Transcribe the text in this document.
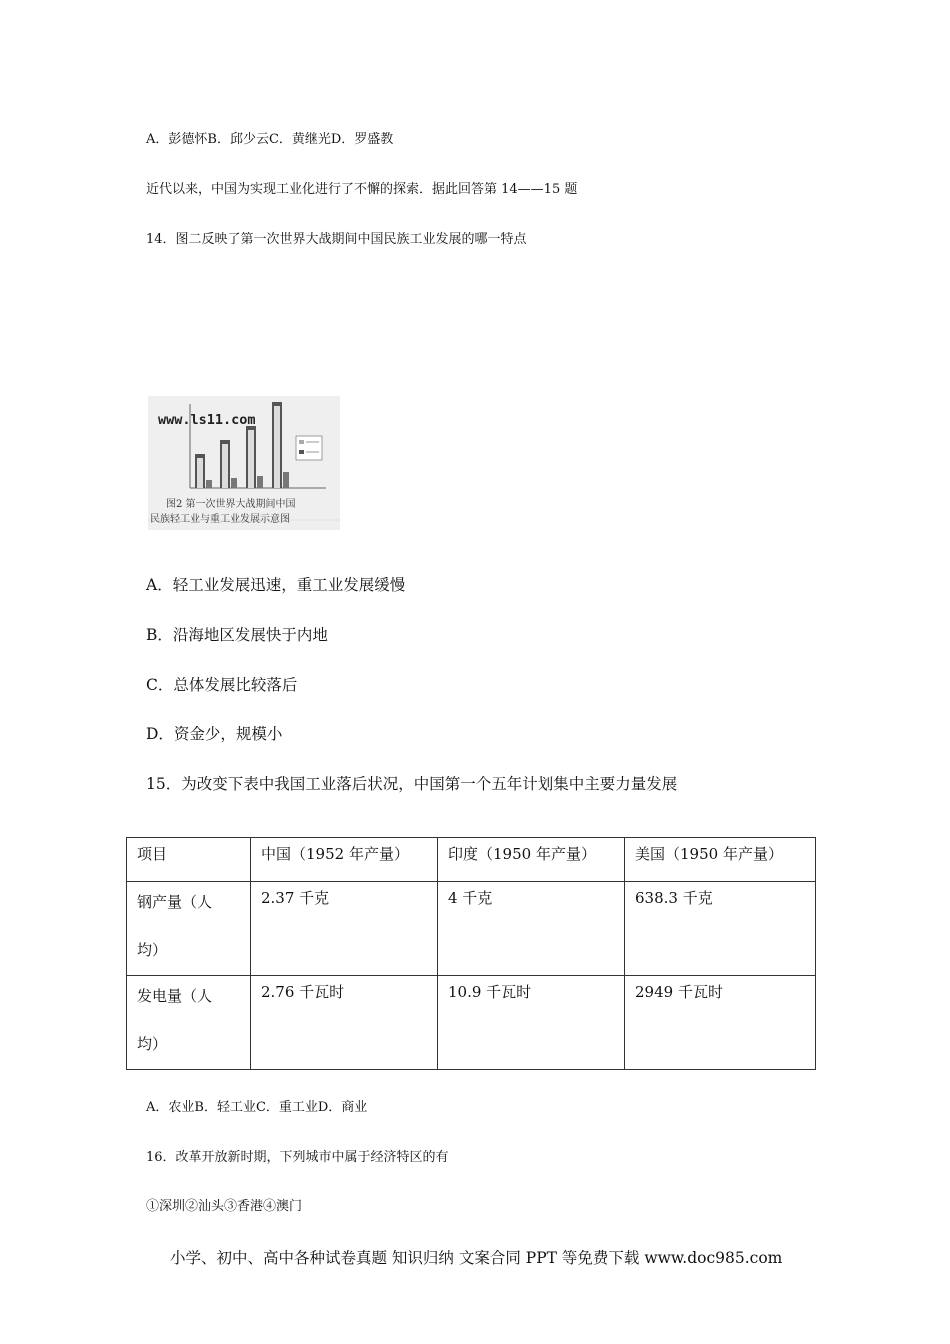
A．彭德怀B．邱少云C．黄继光D．罗盛教
近代以来，中国为实现工业化进行了不懈的探索．据此回答第 14——15 题
14．图二反映了第一次世界大战期间中国民族工业发展的哪一特点
www.ls11.com
图2 第一次世界大战期间中国
民族轻工业与重工业发展示意图
A．轻工业发展迅速，重工业发展缓慢
B．沿海地区发展快于内地
C．总体发展比较落后
D．资金少，规模小
15．为改变下表中我国工业落后状况，中国第一个五年计划集中主要力量发展
项目	中国（1952 年产量）	印度（1950 年产量）	美国（1950 年产量）

钢产量（人
均）	2.37 千克	4 千克	638.3 千克

发电量（人
均）	2.76 千瓦时	10.9 千瓦时	2949 千瓦时
A．农业B．轻工业C．重工业D．商业
16．改革开放新时期，下列城市中属于经济特区的有
①深圳②汕头③香港④澳门
小学、初中、高中各种试卷真题 知识归纳 文案合同 PPT 等免费下载 www.doc985.com
